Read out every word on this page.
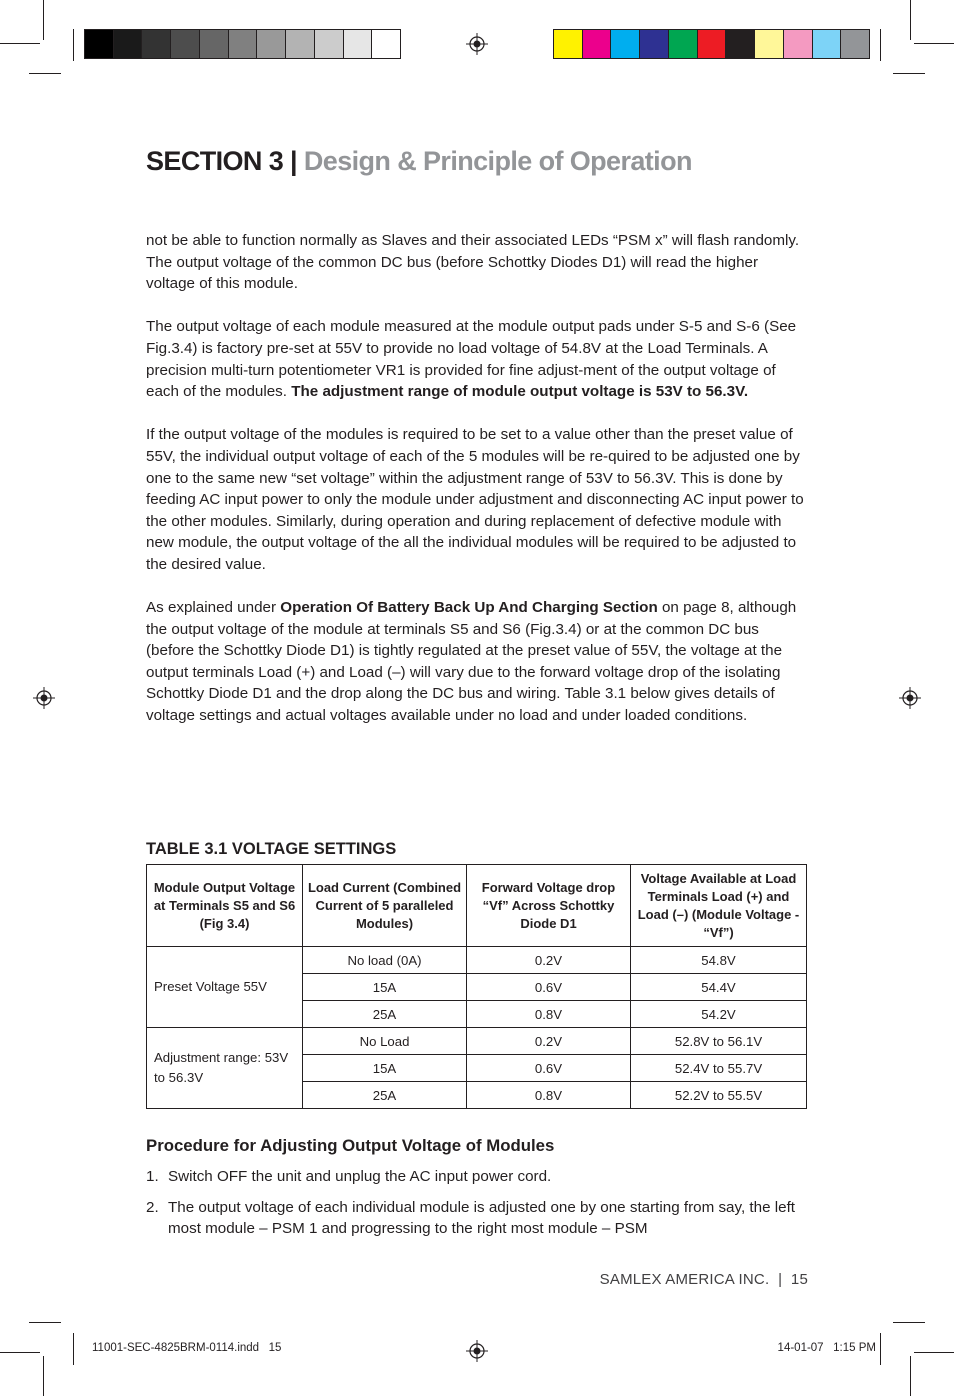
SECTION 3 | Design & Principle of Operation

not be able to function normally as Slaves and their associated LEDs “PSM x” will flash randomly.
The output voltage of the common DC bus (before Schottky Diodes D1) will read the higher voltage of this module.

The output voltage of each module measured at the module output pads under S-5 and S-6 (See Fig.3.4) is factory pre-set at 55V to provide no load voltage of 54.8V at the Load Terminals. A precision multi-turn potentiometer VR1 is provided for fine adjust-ment of the output voltage of each of the modules. The adjustment range of module output voltage is 53V to 56.3V.

If the output voltage of the modules is required to be set to a value other than the preset value of 55V, the individual output voltage of each of the 5 modules will be re-quired to be adjusted one by one to the same new “set voltage” within the adjustment range of 53V to 56.3V. This is done by feeding AC input power to only the module under adjustment and disconnecting AC input power to the other modules. Similarly, during operation and during replacement of defective module with new module, the output voltage of the all the individual modules will be required to be adjusted to the desired value.

As explained under Operation Of Battery Back Up And Charging Section on page 8, although the output voltage of the module at terminals S5 and S6 (Fig.3.4) or at the common DC bus (before the Schottky Diode D1) is tightly regulated at the preset value of 55V, the voltage at the output terminals Load (+) and Load (–) will vary due to the forward voltage drop of the isolating Schottky Diode D1 and the drop along the DC bus and wiring. Table 3.1 below gives details of voltage settings and actual voltages available under no load and under loaded conditions.

TABLE 3.1 VOLTAGE SETTINGS
Module Output Voltage at Terminals S5 and S6 (Fig 3.4)	Load Current (Combined Current of 5 paralleled Modules)	Forward Voltage drop “Vf” Across Schottky Diode D1	Voltage Available at Load Terminals Load (+) and Load (–) (Module Voltage - “Vf”)
Preset Voltage 55V	No load (0A)	0.2V	54.8V
	15A	0.6V	54.4V
	25A	0.8V	54.2V
Adjustment range: 53V to 56.3V	No Load	0.2V	52.8V to 56.1V
	15A	0.6V	52.4V to 55.7V
	25A	0.8V	52.2V to 55.5V
Procedure for Adjusting Output Voltage of Modules
1. Switch OFF the unit and unplug the AC input power cord.
2. The output voltage of each individual module is adjusted one by one starting from say, the left most module – PSM 1 and progressing to the right most module – PSM
SAMLEX AMERICA INC.  |  15
11001-SEC-4825BRM-0114.indd   15	14-01-07   1:15 PM
